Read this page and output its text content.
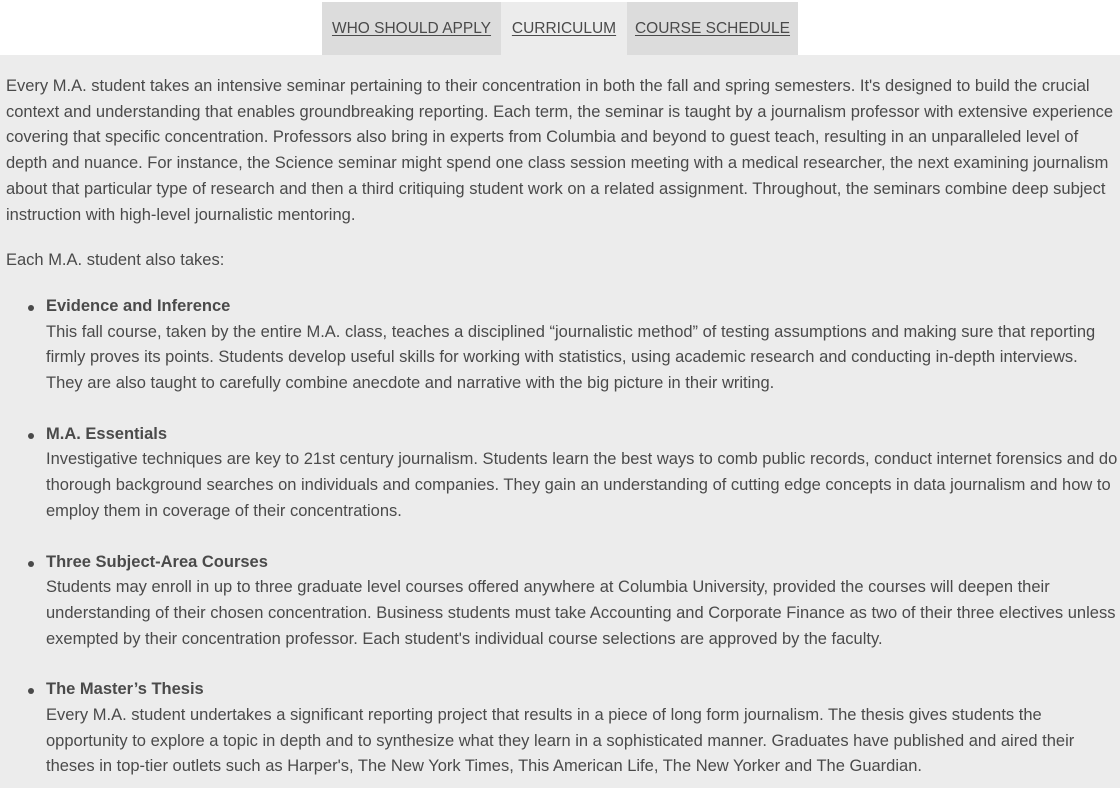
WHO SHOULD APPLY	CURRICULUM	COURSE SCHEDULE

Every M.A. student takes an intensive seminar pertaining to their concentration in both the fall and spring semesters. It's designed to build the crucial context and understanding that enables groundbreaking reporting. Each term, the seminar is taught by a journalism professor with extensive experience covering that specific concentration. Professors also bring in experts from Columbia and beyond to guest teach, resulting in an unparalleled level of depth and nuance. For instance, the Science seminar might spend one class session meeting with a medical researcher, the next examining journalism about that particular type of research and then a third critiquing student work on a related assignment. Throughout, the seminars combine deep subject instruction with high-level journalistic mentoring.

Each M.A. student also takes:

Evidence and Inference
This fall course, taken by the entire M.A. class, teaches a disciplined “journalistic method” of testing assumptions and making sure that reporting firmly proves its points. Students develop useful skills for working with statistics, using academic research and conducting in-depth interviews. They are also taught to carefully combine anecdote and narrative with the big picture in their writing.
M.A. Essentials
Investigative techniques are key to 21st century journalism. Students learn the best ways to comb public records, conduct internet forensics and do thorough background searches on individuals and companies. They gain an understanding of cutting edge concepts in data journalism and how to employ them in coverage of their concentrations.
Three Subject-Area Courses
Students may enroll in up to three graduate level courses offered anywhere at Columbia University, provided the courses will deepen their understanding of their chosen concentration. Business students must take Accounting and Corporate Finance as two of their three electives unless exempted by their concentration professor. Each student's individual course selections are approved by the faculty.
The Master’s Thesis
Every M.A. student undertakes a significant reporting project that results in a piece of long form journalism. The thesis gives students the opportunity to explore a topic in depth and to synthesize what they learn in a sophisticated manner. Graduates have published and aired their theses in top-tier outlets such as Harper's, The New York Times, This American Life, The New Yorker and The Guardian.
